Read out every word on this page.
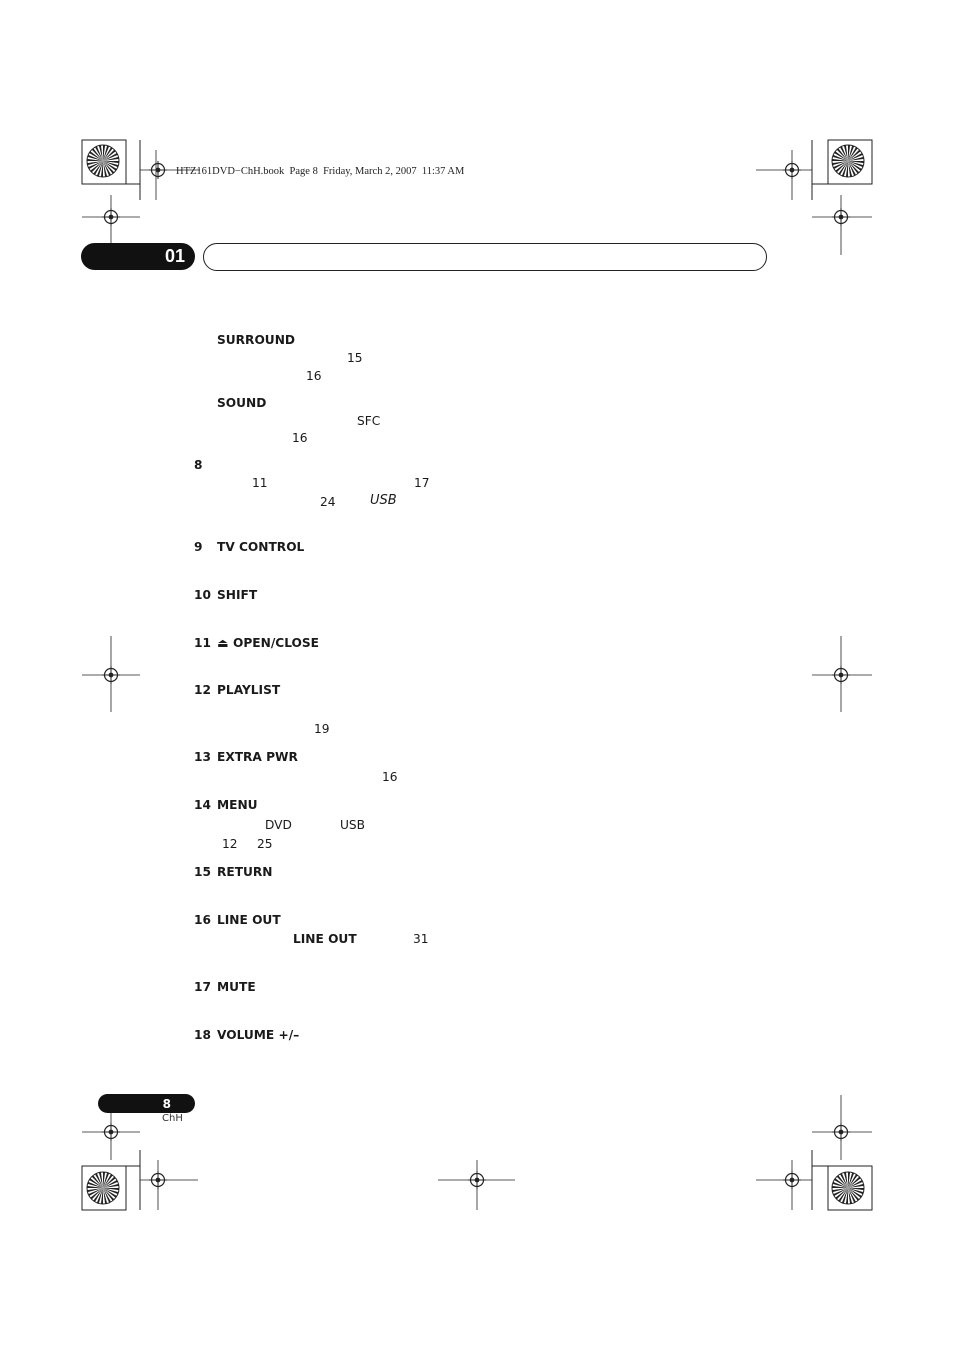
HTZ161DVD−ChH.book  Page 8  Friday, March 2, 2007  11:37 AM
01
SURROUND
15
16
SOUND
SFC
16
8
11	17
24	USB
9 TV CONTROL
10 SHIFT
11 ⏏ OPEN/CLOSE
12 PLAYLIST
19
13 EXTRA PWR
16
14 MENU
DVD	USB
12 25
15 RETURN
16 LINE OUT
LINE OUT	31
17 MUTE
18 VOLUME +/–
8
ChH
